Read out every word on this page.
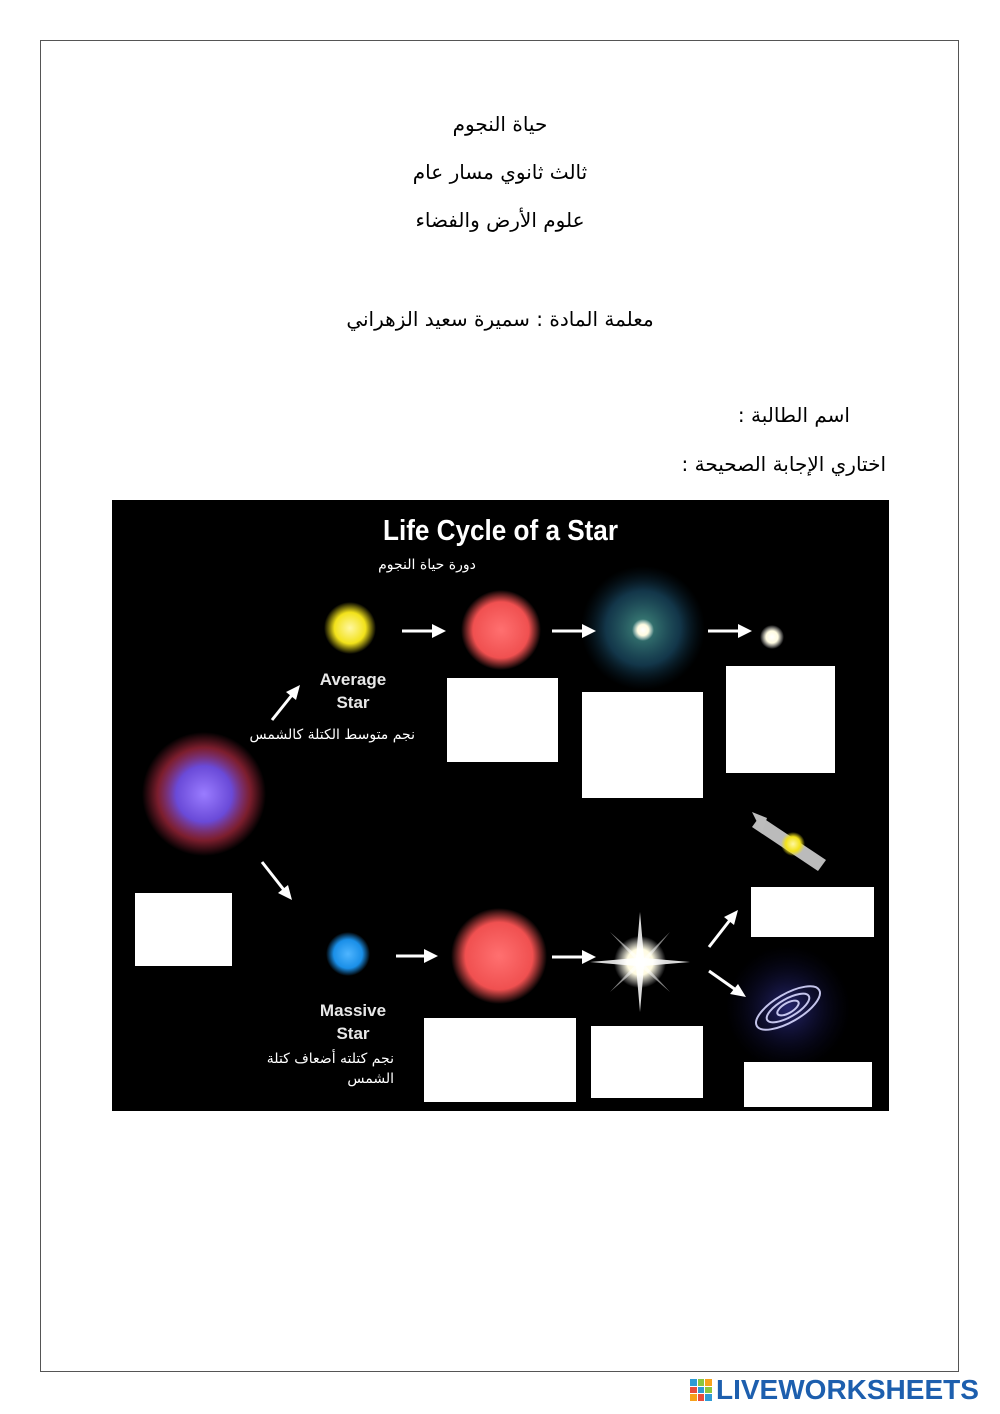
حياة النجوم
ثالث ثانوي مسار عام
علوم الأرض والفضاء
معلمة المادة : سميرة سعيد الزهراني
اسم الطالبة :
اختاري الإجابة الصحيحة :
Life Cycle of a Star
دورة حياة النجوم
Average
Star
نجم متوسط الكتلة كالشمس
Massive
Star
نجم كتلته أضعاف كتلة
الشمس
LIVEWORKSHEETS
